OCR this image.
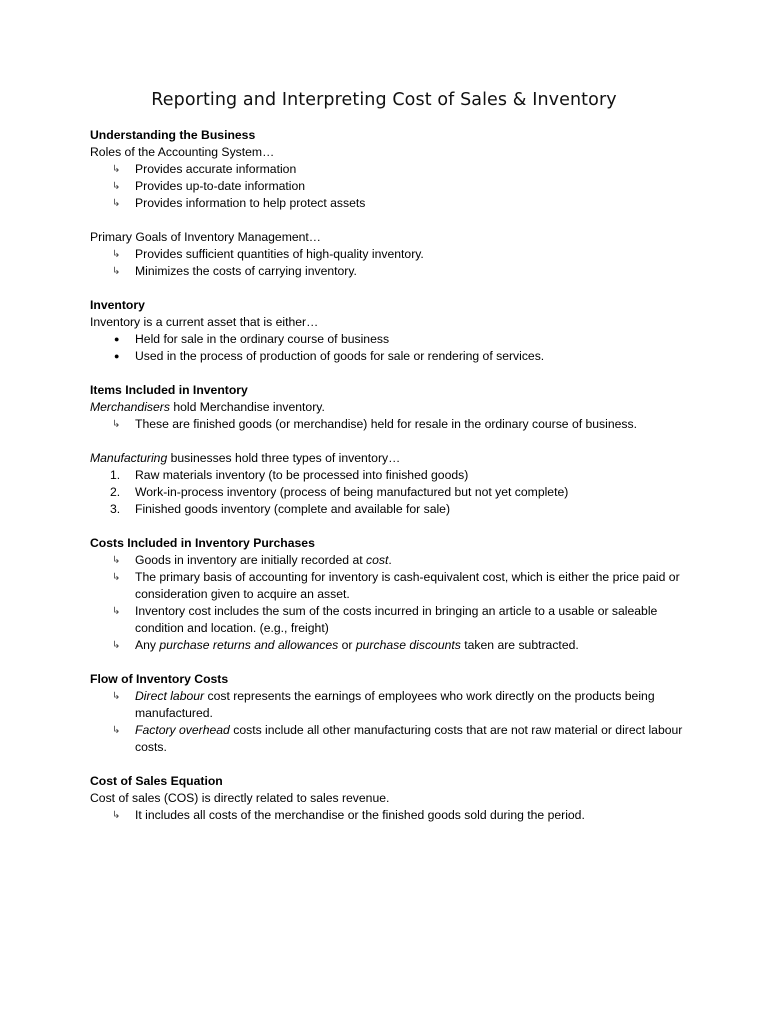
Reporting and Interpreting Cost of Sales & Inventory
Understanding the Business
Roles of the Accounting System…
↳ Provides accurate information
↳ Provides up-to-date information
↳ Provides information to help protect assets
Primary Goals of Inventory Management…
↳ Provides sufficient quantities of high-quality inventory.
↳ Minimizes the costs of carrying inventory.
Inventory
Inventory is a current asset that is either…
● Held for sale in the ordinary course of business
● Used in the process of production of goods for sale or rendering of services.
Items Included in Inventory
Merchandisers hold Merchandise inventory.
↳ These are finished goods (or merchandise) held for resale in the ordinary course of business.
Manufacturing businesses hold three types of inventory…
1. Raw materials inventory (to be processed into finished goods)
2. Work-in-process inventory (process of being manufactured but not yet complete)
3. Finished goods inventory (complete and available for sale)
Costs Included in Inventory Purchases
↳ Goods in inventory are initially recorded at cost.
↳ The primary basis of accounting for inventory is cash-equivalent cost, which is either the price paid or consideration given to acquire an asset.
↳ Inventory cost includes the sum of the costs incurred in bringing an article to a usable or saleable condition and location. (e.g., freight)
↳ Any purchase returns and allowances or purchase discounts taken are subtracted.
Flow of Inventory Costs
↳ Direct labour cost represents the earnings of employees who work directly on the products being manufactured.
↳ Factory overhead costs include all other manufacturing costs that are not raw material or direct labour costs.
Cost of Sales Equation
Cost of sales (COS) is directly related to sales revenue.
↳ It includes all costs of the merchandise or the finished goods sold during the period.
